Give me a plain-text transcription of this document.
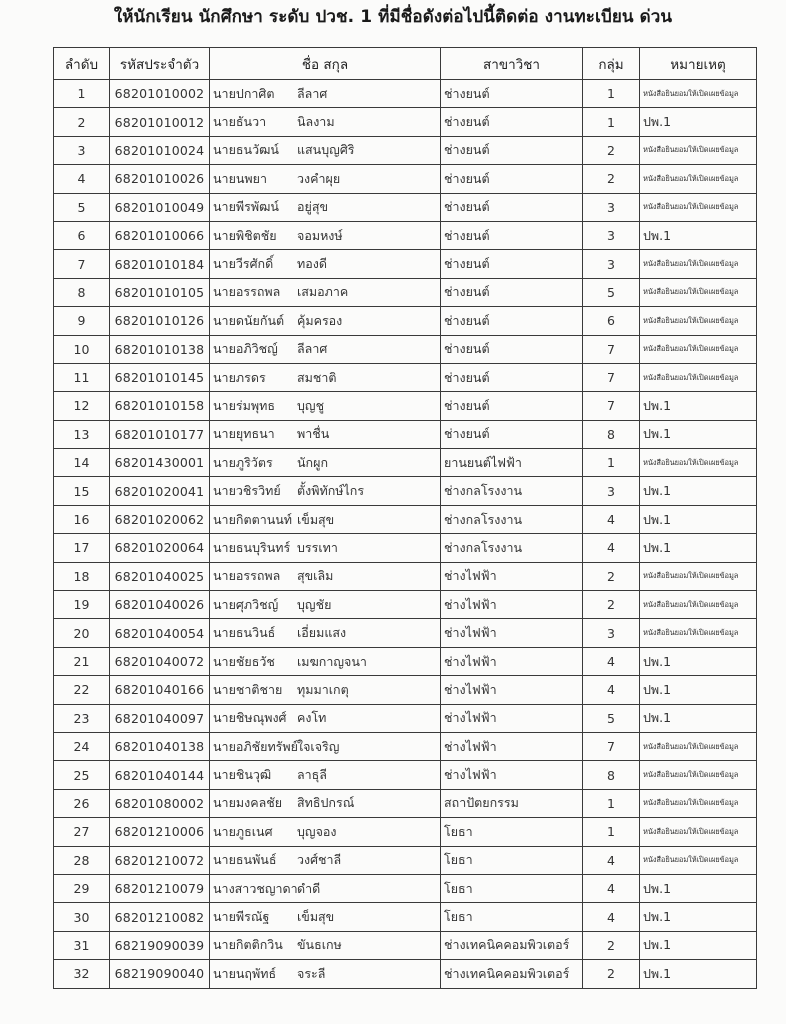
ให้นักเรียน นักศึกษา ระดับ ปวช. 1 ที่มีชื่อดังต่อไปนี้ติดต่อ งานทะเบียน ด่วน
ลำดับ	รหัสประจำตัว	ชื่อ สกุล	สาขาวิชา	กลุ่ม	หมายเหตุ
1	68201010002	นายปกาศิต ลีลาศ	ช่างยนต์	1	หนังสือยินยอมให้เปิดเผยข้อมูล
2	68201010012	นายธันวา นิลงาม	ช่างยนต์	1	ปพ.1
3	68201010024	นายธนวัฒน์ แสนบุญศิริ	ช่างยนต์	2	หนังสือยินยอมให้เปิดเผยข้อมูล
4	68201010026	นายนพยา วงคำผุย	ช่างยนต์	2	หนังสือยินยอมให้เปิดเผยข้อมูล
5	68201010049	นายพีรพัฒน์ อยู่สุข	ช่างยนต์	3	หนังสือยินยอมให้เปิดเผยข้อมูล
6	68201010066	นายพิชิตชัย จอมหงษ์	ช่างยนต์	3	ปพ.1
7	68201010184	นายวีรศักดิ์ ทองดี	ช่างยนต์	3	หนังสือยินยอมให้เปิดเผยข้อมูล
8	68201010105	นายอรรถพล เสมอภาค	ช่างยนต์	5	หนังสือยินยอมให้เปิดเผยข้อมูล
9	68201010126	นายดนัยกันต์ คุ้มครอง	ช่างยนต์	6	หนังสือยินยอมให้เปิดเผยข้อมูล
10	68201010138	นายอภิวิชญ์ ลีลาศ	ช่างยนต์	7	หนังสือยินยอมให้เปิดเผยข้อมูล
11	68201010145	นายภรดร สมชาติ	ช่างยนต์	7	หนังสือยินยอมให้เปิดเผยข้อมูล
12	68201010158	นายร่มพุทธ บุญชู	ช่างยนต์	7	ปพ.1
13	68201010177	นายยุทธนา พาชื่น	ช่างยนต์	8	ปพ.1
14	68201430001	นายภูริวัตร นักผูก	ยานยนต์ไฟฟ้า	1	หนังสือยินยอมให้เปิดเผยข้อมูล
15	68201020041	นายวชิรวิทย์ ตั้งพิทักษ์ไกร	ช่างกลโรงงาน	3	ปพ.1
16	68201020062	นายกิตตานนท์ เข็มสุข	ช่างกลโรงงาน	4	ปพ.1
17	68201020064	นายธนบุรินทร์ บรรเทา	ช่างกลโรงงาน	4	ปพ.1
18	68201040025	นายอรรถพล สุขเลิม	ช่างไฟฟ้า	2	หนังสือยินยอมให้เปิดเผยข้อมูล
19	68201040026	นายศุภวิชญ์ บุญชัย	ช่างไฟฟ้า	2	หนังสือยินยอมให้เปิดเผยข้อมูล
20	68201040054	นายธนวินธ์ เอี่ยมแสง	ช่างไฟฟ้า	3	หนังสือยินยอมให้เปิดเผยข้อมูล
21	68201040072	นายชัยธวัช เมฆกาญจนา	ช่างไฟฟ้า	4	ปพ.1
22	68201040166	นายชาติชาย ทุมมาเกตุ	ช่างไฟฟ้า	4	ปพ.1
23	68201040097	นายชิษณุพงศ์ คงโท	ช่างไฟฟ้า	5	ปพ.1
24	68201040138	นายอภิชัยทรัพย์ใจเจริญ	ช่างไฟฟ้า	7	หนังสือยินยอมให้เปิดเผยข้อมูล
25	68201040144	นายชินวุฒิ ลาธุลี	ช่างไฟฟ้า	8	หนังสือยินยอมให้เปิดเผยข้อมูล
26	68201080002	นายมงคลชัย สิทธิปกรณ์	สถาปัตยกรรม	1	หนังสือยินยอมให้เปิดเผยข้อมูล
27	68201210006	นายภูธเนศ บุญจอง	โยธา	1	หนังสือยินยอมให้เปิดเผยข้อมูล
28	68201210072	นายธนพันธ์ วงศ์ชาลี	โยธา	4	หนังสือยินยอมให้เปิดเผยข้อมูล
29	68201210079	นางสาวชญาดาดำดี	โยธา	4	ปพ.1
30	68201210082	นายพีรณัฐ เข็มสุข	โยธา	4	ปพ.1
31	68219090039	นายกิตติกวิน ขันธเกษ	ช่างเทคนิคคอมพิวเตอร์	2	ปพ.1
32	68219090040	นายนฤพัทธ์ จระลี	ช่างเทคนิคคอมพิวเตอร์	2	ปพ.1
